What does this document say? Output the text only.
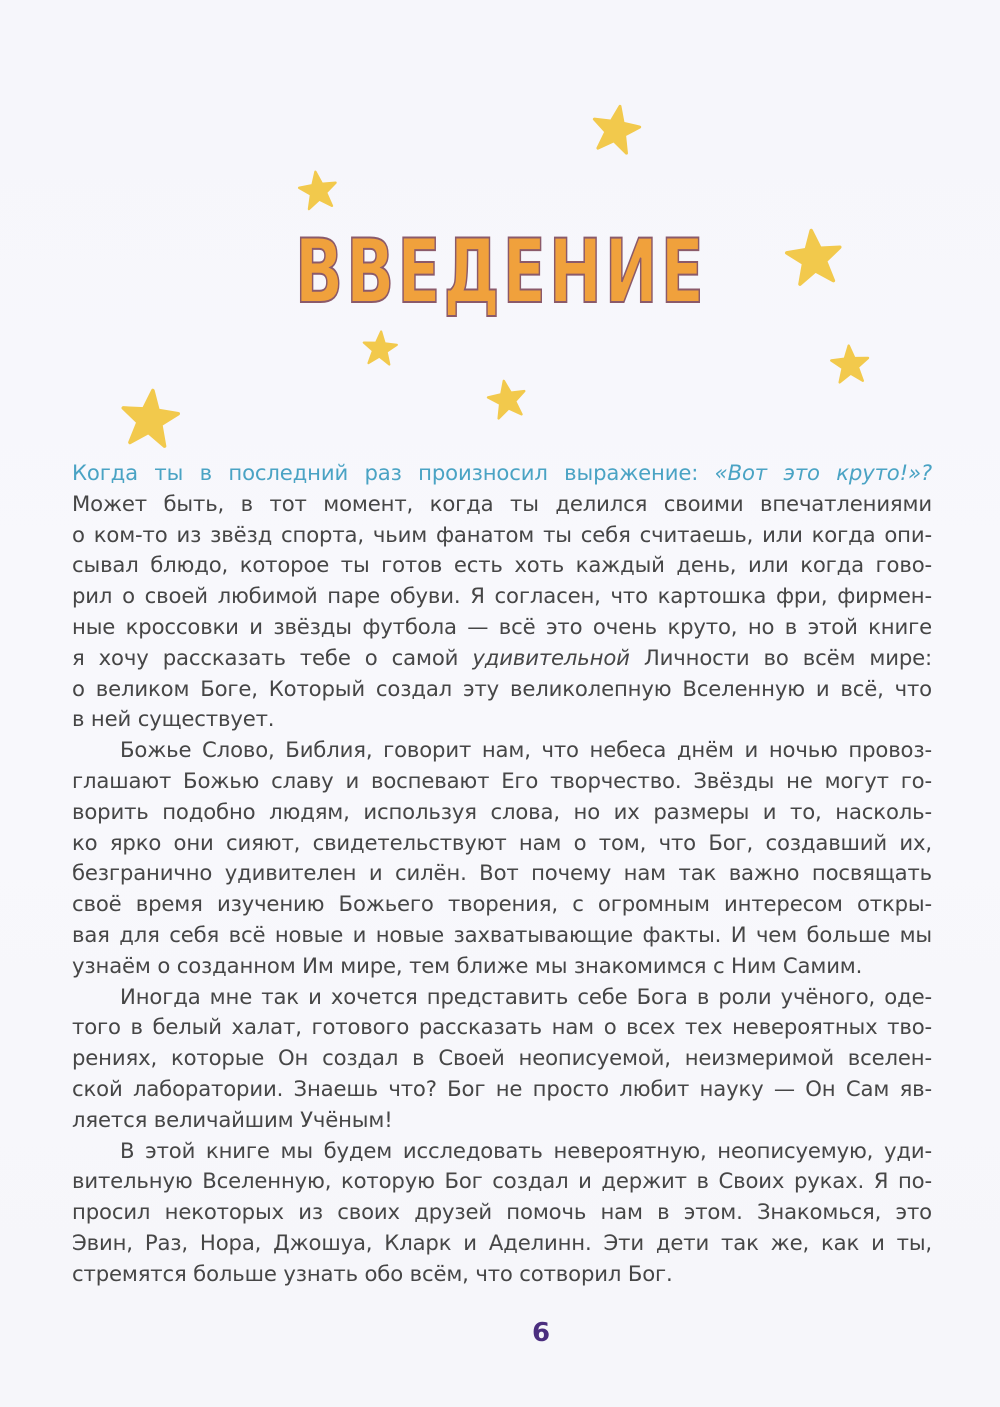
ВВЕДЕНИЕ
Когда ты в последний раз произносил выражение: «Вот это круто!»?
Может быть, в тот момент, когда ты делился своими впечатлениями
о ком-то из звёзд спорта, чьим фанатом ты себя считаешь, или когда опи-
сывал блюдо, которое ты готов есть хоть каждый день, или когда гово-
рил о своей любимой паре обуви. Я согласен, что картошка фри, фирмен-
ные кроссовки и звёзды футбола — всё это очень круто, но в этой книге
я хочу рассказать тебе о самой удивительной Личности во всём мире:
о великом Боге, Который создал эту великолепную Вселенную и всё, что
в ней существует.
Божье Слово, Библия, говорит нам, что небеса днём и ночью провоз-
глашают Божью славу и воспевают Его творчество. Звёзды не могут го-
ворить подобно людям, используя слова, но их размеры и то, насколь-
ко ярко они сияют, свидетельствуют нам о том, что Бог, создавший их,
безгранично удивителен и силён. Вот почему нам так важно посвящать
своё время изучению Божьего творения, с огромным интересом откры-
вая для себя всё новые и новые захватывающие факты. И чем больше мы
узнаём о созданном Им мире, тем ближе мы знакомимся с Ним Самим.
Иногда мне так и хочется представить себе Бога в роли учёного, оде-
того в белый халат, готового рассказать нам о всех тех невероятных тво-
рениях, которые Он создал в Своей неописуемой, неизмеримой вселен-
ской лаборатории. Знаешь что? Бог не просто любит науку — Он Сам яв-
ляется величайшим Учёным!
В этой книге мы будем исследовать невероятную, неописуемую, уди-
вительную Вселенную, которую Бог создал и держит в Своих руках. Я по-
просил некоторых из своих друзей помочь нам в этом. Знакомься, это
Эвин, Раз, Нора, Джошуа, Кларк и Аделинн. Эти дети так же, как и ты,
стремятся больше узнать обо всём, что сотворил Бог.
6
